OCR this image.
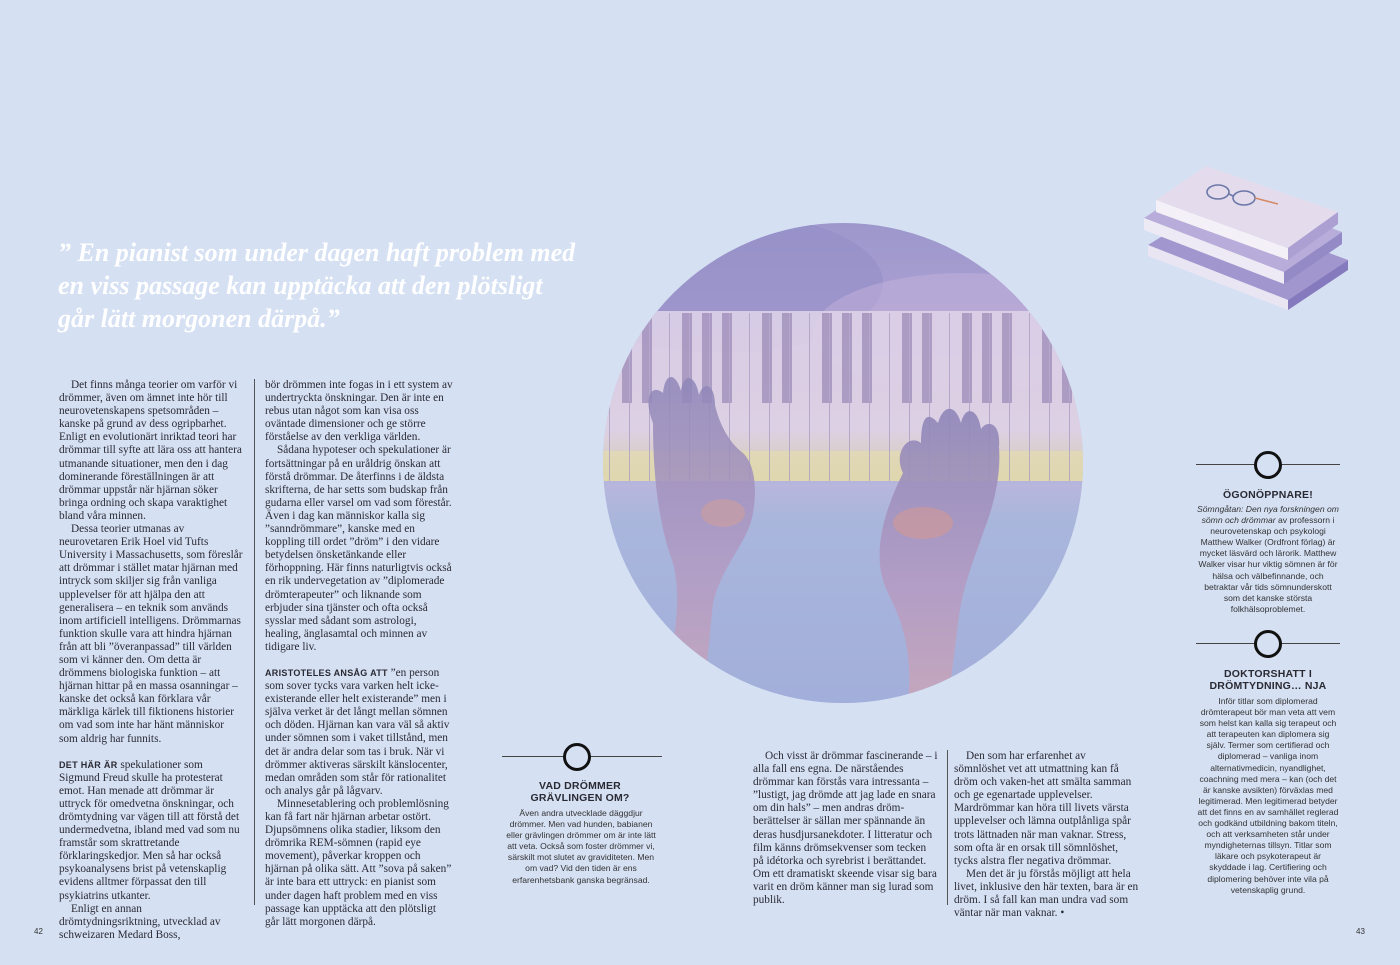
” En pianist som under dagen haft problem med en viss passage kan upptäcka att den plötsligt går lätt morgonen därpå.”

Det finns många teorier om varför vi drömmer, även om ämnet inte hör till neurovetenskapens spetsområden – kanske på grund av dess ogripbarhet. Enligt en evolutionärt inriktad teori har drömmar till syfte att lära oss att hantera utmanande situationer, men den i dag dominerande föreställningen är att drömmar uppstår när hjärnan söker bringa ordning och skapa varaktighet bland våra minnen.

Dessa teorier utmanas av neurovetaren Erik Hoel vid Tufts University i Massachusetts, som föreslår att drömmar i stället matar hjärnan med intryck som skiljer sig från vanliga upplevelser för att hjälpa den att generalisera – en teknik som används inom artificiell intelligens. Drömmarnas funktion skulle vara att hindra hjärnan från att bli ”överanpassad” till världen som vi känner den. Om detta är drömmens biologiska funktion – att hjärnan hittar på en massa osanningar – kanske det också kan förklara vår märkliga kärlek till fiktionens historier om vad som inte har hänt människor som aldrig har funnits.

DET HÄR ÄR spekulationer som Sigmund Freud skulle ha protesterat emot. Han menade att drömmar är uttryck för omedvetna önskningar, och drömtydning var vägen till att förstå det undermedvetna, ibland med vad som nu framstår som skrattretande förklaringskedjor. Men så har också psykoanalysens brist på vetenskaplig evidens alltmer förpassat den till psykiatrins utkanter.

Enligt en annan drömtydningsriktning, utvecklad av schweizaren Medard Boss,

bör drömmen inte fogas in i ett system av undertryckta önskningar. Den är inte en rebus utan något som kan visa oss oväntade dimensioner och ge större förståelse av den verkliga världen.

Sådana hypoteser och spekulationer är fortsättningar på en uråldrig önskan att förstå drömmar. De återfinns i de äldsta skrifterna, de har setts som budskap från gudarna eller varsel om vad som förestår. Även i dag kan människor kalla sig ”sanndrömmare”, kanske med en koppling till ordet ”dröm” i den vidare betydelsen önsketänkande eller förhoppning. Här finns naturligtvis också en rik undervegetation av ”diplomerade drömterapeuter” och liknande som erbjuder sina tjänster och ofta också sysslar med sådant som astrologi, healing, änglasamtal och minnen av tidigare liv.

ARISTOTELES ANSÅG ATT ”en person som sover tycks vara varken helt icke-existerande eller helt existerande” men i själva verket är det långt mellan sömnen och döden. Hjärnan kan vara väl så aktiv under sömnen som i vaket tillstånd, men det är andra delar som tas i bruk. När vi drömmer aktiveras särskilt känslocenter, medan områden som står för rationalitet och analys går på lågvarv.

Minnesetablering och problemlösning kan få fart när hjärnan arbetar ostört. Djupsömnens olika stadier, liksom den drömrika REM-sömnen (rapid eye movement), påverkar kroppen och hjärnan på olika sätt. Att ”sova på saken” är inte bara ett uttryck: en pianist som under dagen haft problem med en viss passage kan upptäcka att den plötsligt går lätt morgonen därpå.

VAD DRÖMMER GRÄVLINGEN OM?
Även andra utvecklade däggdjur drömmer. Men vad hunden, babianen eller grävlingen drömmer om är inte lätt att veta. Också som foster drömmer vi, särskilt mot slutet av graviditeten. Men om vad? Vid den tiden är ens erfarenhetsbank ganska begränsad.

Och visst är drömmar fascinerande – i alla fall ens egna. De närståendes drömmar kan förstås vara intressanta – ”lustigt, jag drömde att jag lade en snara om din hals” – men andras dröm-berättelser är sällan mer spännande än deras husdjursanekdoter. I litteratur och film känns drömsekvenser som tecken på idétorka och syrebrist i berättandet. Om ett dramatiskt skeende visar sig bara varit en dröm känner man sig lurad som publik.

Den som har erfarenhet av sömnlöshet vet att utmattning kan få dröm och vaken-het att smälta samman och ge egenartade upplevelser. Mardrömmar kan höra till livets värsta upplevelser och lämna outplånliga spår trots lättnaden när man vaknar. Stress, som ofta är en orsak till sömnlöshet, tycks alstra fler negativa drömmar.

Men det är ju förstås möjligt att hela livet, inklusive den här texten, bara är en dröm. I så fall kan man undra vad som väntar när man vaknar. •

ÖGONÖPPNARE!
Sömngåtan: Den nya forskningen om sömn och drömmar av professorn i neurovetenskap och psykologi Matthew Walker (Ordfront förlag) är mycket läsvärd och lärorik. Matthew Walker visar hur viktig sömnen är för hälsa och välbefinnande, och betraktar vår tids sömnunderskott som det kanske största folkhälsoproblemet.
DOKTORSHATT I DRÖMTYDNING… NJA
Inför titlar som diplomerad drömterapeut bör man veta att vem som helst kan kalla sig terapeut och att terapeuten kan diplomera sig själv. Termer som certifierad och diplomerad – vanliga inom alternativmedicin, nyandlighet, coachning med mera – kan (och det är kanske avsikten) förväxlas med legitimerad. Men legitimerad betyder att det finns en av samhället reglerad och godkänd utbildning bakom titeln, och att verksamheten står under myndigheternas tillsyn. Titlar som läkare och psykoterapeut är skyddade i lag. Certifiering och diplomering behöver inte vila på vetenskaplig grund.
42	43
